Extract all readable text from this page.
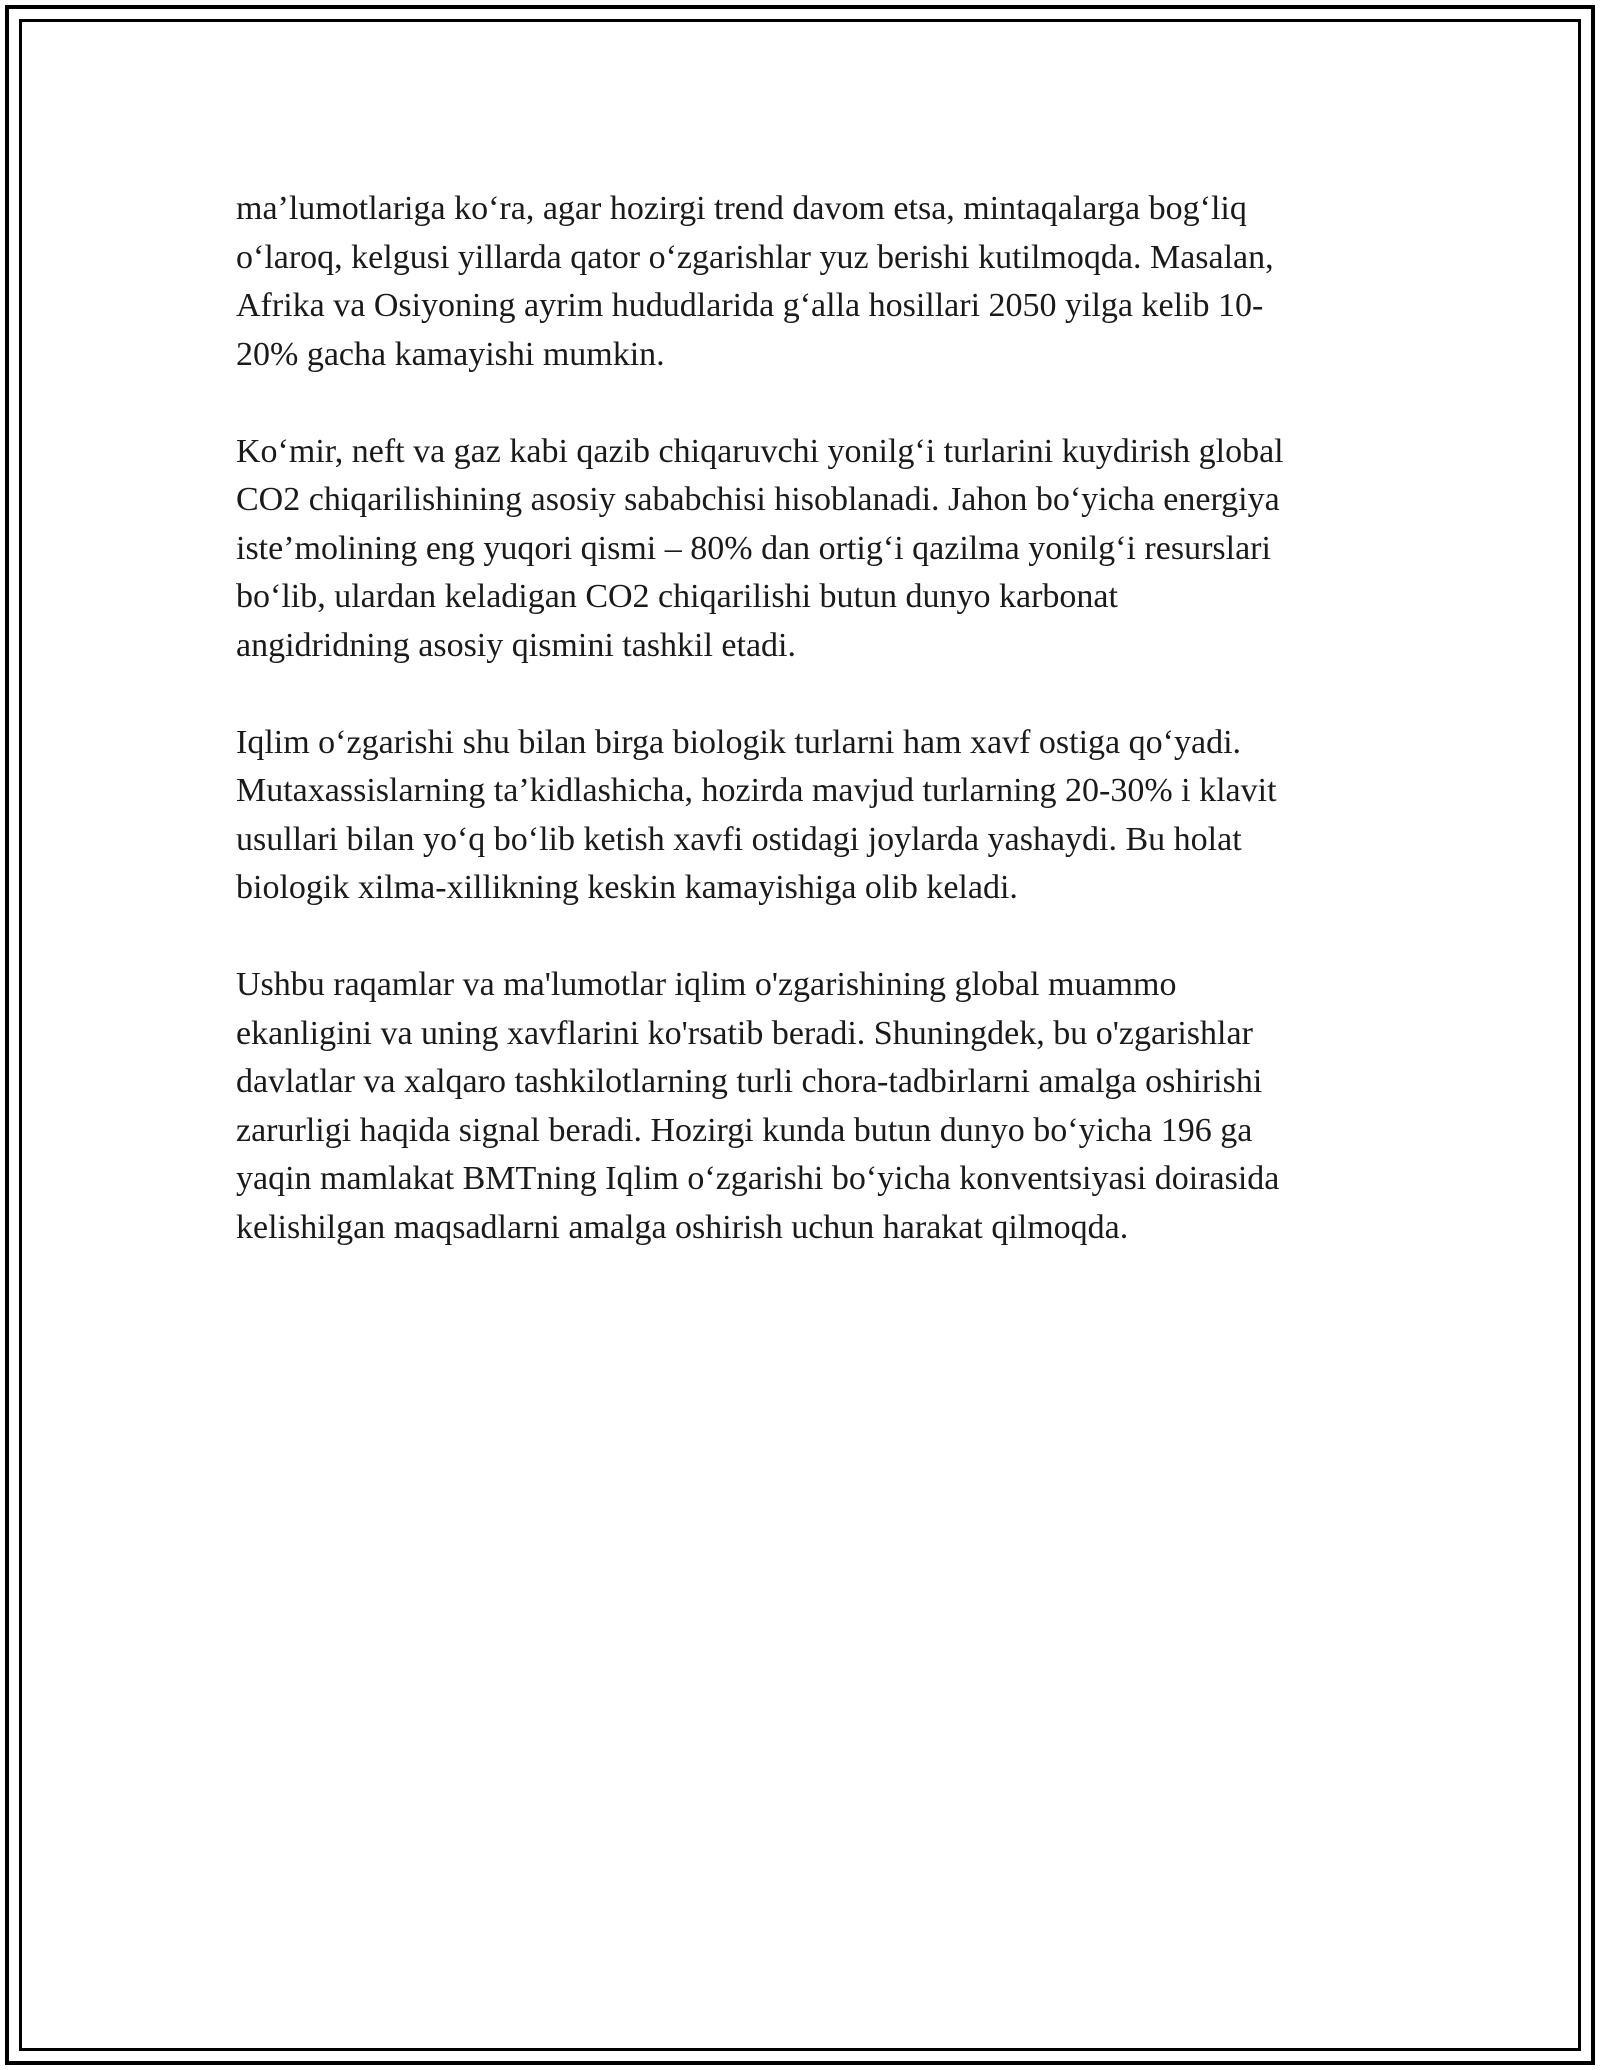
ma’lumotlariga ko‘ra, agar hozirgi trend davom etsa, mintaqalarga bog‘liq
o‘laroq, kelgusi yillarda qator o‘zgarishlar yuz berishi kutilmoqda. Masalan,
Afrika va Osiyoning ayrim hududlarida g‘alla hosillari 2050 yilga kelib 10-
20% gacha kamayishi mumkin.

Ko‘mir, neft va gaz kabi qazib chiqaruvchi yonilg‘i turlarini kuydirish global
CO2 chiqarilishining asosiy sababchisi hisoblanadi. Jahon bo‘yicha energiya
iste’molining eng yuqori qismi – 80% dan ortig‘i qazilma yonilg‘i resurslari
bo‘lib, ulardan keladigan CO2 chiqarilishi butun dunyo karbonat
angidridning asosiy qismini tashkil etadi.

Iqlim o‘zgarishi shu bilan birga biologik turlarni ham xavf ostiga qo‘yadi.
Mutaxassislarning ta’kidlashicha, hozirda mavjud turlarning 20-30% i klavit
usullari bilan yo‘q bo‘lib ketish xavfi ostidagi joylarda yashaydi. Bu holat
biologik xilma-xillikning keskin kamayishiga olib keladi.

Ushbu raqamlar va ma'lumotlar iqlim o'zgarishining global muammo
ekanligini va uning xavflarini ko'rsatib beradi. Shuningdek, bu o'zgarishlar
davlatlar va xalqaro tashkilotlarning turli chora-tadbirlarni amalga oshirishi
zarurligi haqida signal beradi. Hozirgi kunda butun dunyo bo‘yicha 196 ga
yaqin mamlakat BMTning Iqlim o‘zgarishi bo‘yicha konventsiyasi doirasida
kelishilgan maqsadlarni amalga oshirish uchun harakat qilmoqda.
